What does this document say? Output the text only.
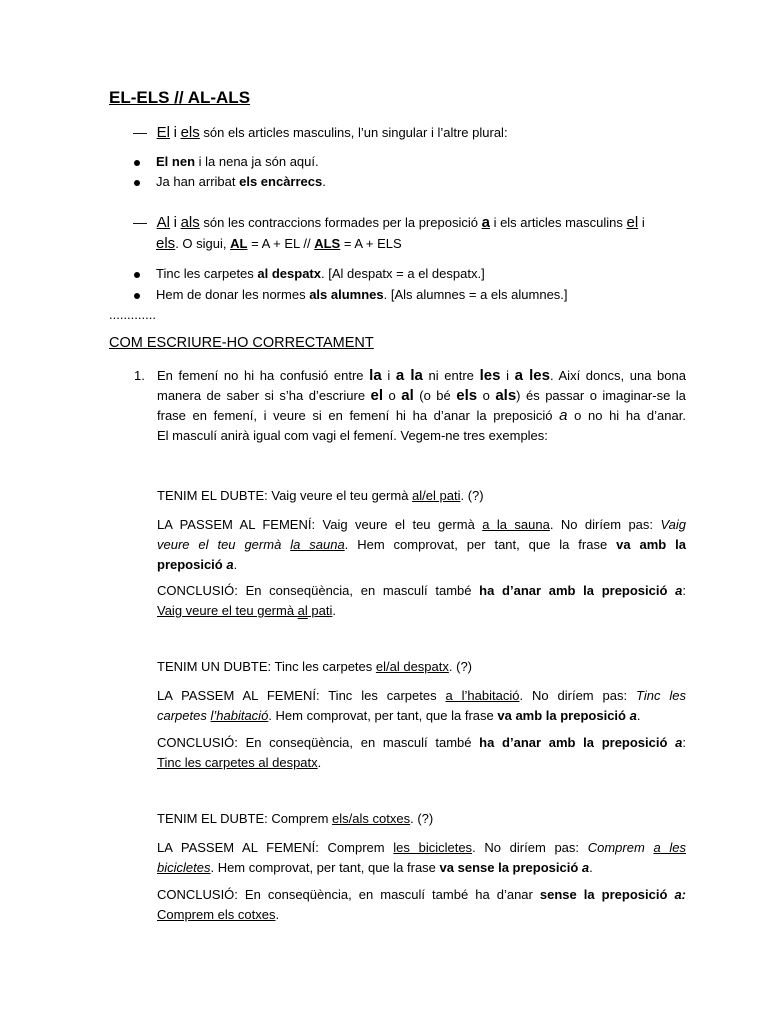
EL-ELS // AL-ALS
— El i els són els articles masculins, l’un singular i l’altre plural:
El nen i la nena ja són aquí.
Ja han arribat els encàrrecs.
— Al i als són les contraccions formades per la preposició a i els articles masculins el i
els. O sigui, AL = A + EL // ALS = A + ELS
Tinc les carpetes al despatx. [Al despatx = a el despatx.]
Hem de donar les normes als alumnes. [Als alumnes = a els alumnes.]
.............
COM ESCRIURE-HO CORRECTAMENT
1. En femení no hi ha confusió entre la i a la ni entre les i a les. Així doncs, una bona
manera de saber si s’ha d’escriure el o al (o bé els o als) és passar o imaginar-se la
frase en femení, i veure si en femení hi ha d’anar la preposició a o no hi ha d’anar.
El masculí anirà igual com vagi el femení. Vegem-ne tres exemples:
TENIM EL DUBTE: Vaig veure el teu germà al/el pati. (?)
LA PASSEM AL FEMENÍ: Vaig veure el teu germà a la sauna. No diríem pas: Vaig
veure el teu germà la sauna. Hem comprovat, per tant, que la frase va amb la
preposició a.
CONCLUSIÓ: En conseqüència, en masculí també ha d’anar amb la preposició a:
Vaig veure el teu germà al pati.
TENIM UN DUBTE: Tinc les carpetes el/al despatx. (?)
LA PASSEM AL FEMENÍ: Tinc les carpetes a l’habitació. No diríem pas: Tinc les
carpetes l’habitació. Hem comprovat, per tant, que la frase va amb la preposició a.
CONCLUSIÓ: En conseqüència, en masculí també ha d’anar amb la preposició a:
Tinc les carpetes al despatx.
TENIM EL DUBTE: Comprem els/als cotxes. (?)
LA PASSEM AL FEMENÍ: Comprem les bicicletes. No diríem pas: Comprem a les
bicicletes. Hem comprovat, per tant, que la frase va sense la preposició a.
CONCLUSIÓ: En conseqüència, en masculí també ha d’anar sense la preposició a:
Comprem els cotxes.
